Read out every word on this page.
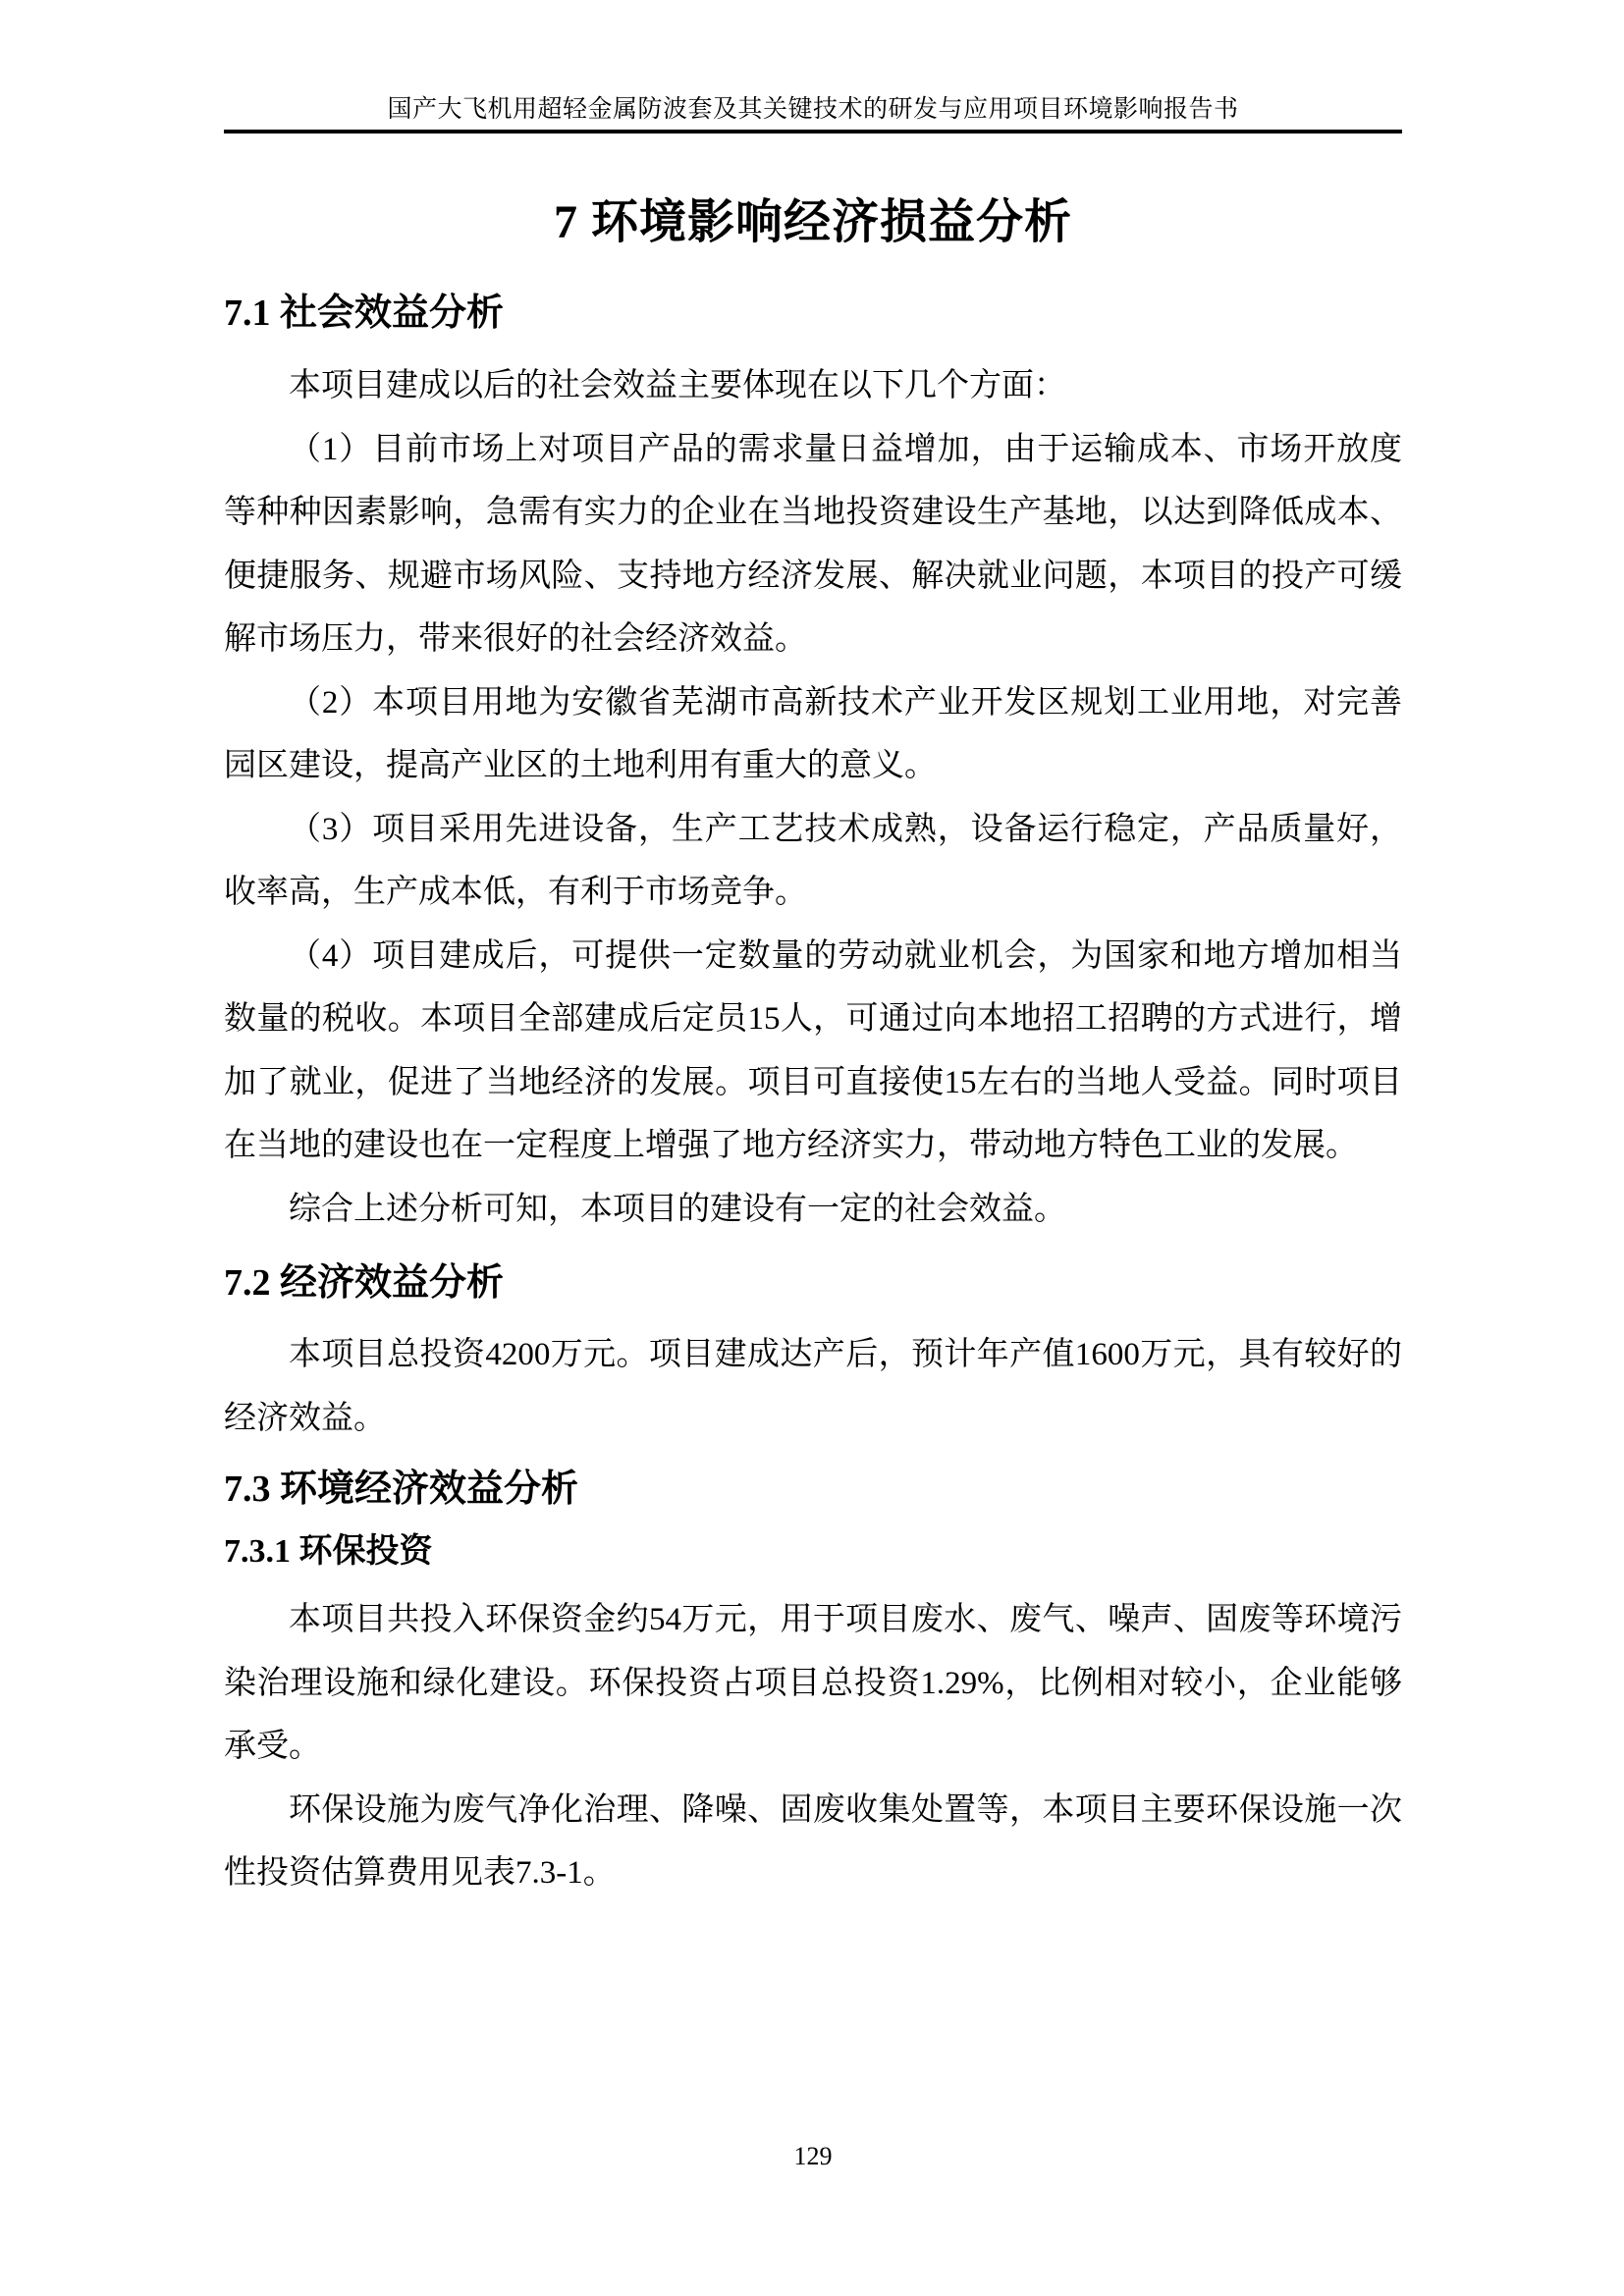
国产大飞机用超轻金属防波套及其关键技术的研发与应用项目环境影响报告书
7 环境影响经济损益分析
7.1 社会效益分析

本项目建成以后的社会效益主要体现在以下几个方面：

（1）目前市场上对项目产品的需求量日益增加，由于运输成本、市场开放度等种种因素影响，急需有实力的企业在当地投资建设生产基地，以达到降低成本、便捷服务、规避市场风险、支持地方经济发展、解决就业问题，本项目的投产可缓解市场压力，带来很好的社会经济效益。

（2）本项目用地为安徽省芜湖市高新技术产业开发区规划工业用地，对完善园区建设，提高产业区的土地利用有重大的意义。

（3）项目采用先进设备，生产工艺技术成熟，设备运行稳定，产品质量好，收率高，生产成本低，有利于市场竞争。

（4）项目建成后，可提供一定数量的劳动就业机会，为国家和地方增加相当数量的税收。本项目全部建成后定员15人，可通过向本地招工招聘的方式进行，增加了就业，促进了当地经济的发展。项目可直接使15左右的当地人受益。同时项目在当地的建设也在一定程度上增强了地方经济实力，带动地方特色工业的发展。

综合上述分析可知，本项目的建设有一定的社会效益。

7.2 经济效益分析

本项目总投资4200万元。项目建成达产后，预计年产值1600万元，具有较好的经济效益。

7.3 环境经济效益分析
7.3.1 环保投资

本项目共投入环保资金约54万元，用于项目废水、废气、噪声、固废等环境污染治理设施和绿化建设。环保投资占项目总投资1.29%，比例相对较小，企业能够承受。

环保设施为废气净化治理、降噪、固废收集处置等，本项目主要环保设施一次性投资估算费用见表7.3-1。

129
